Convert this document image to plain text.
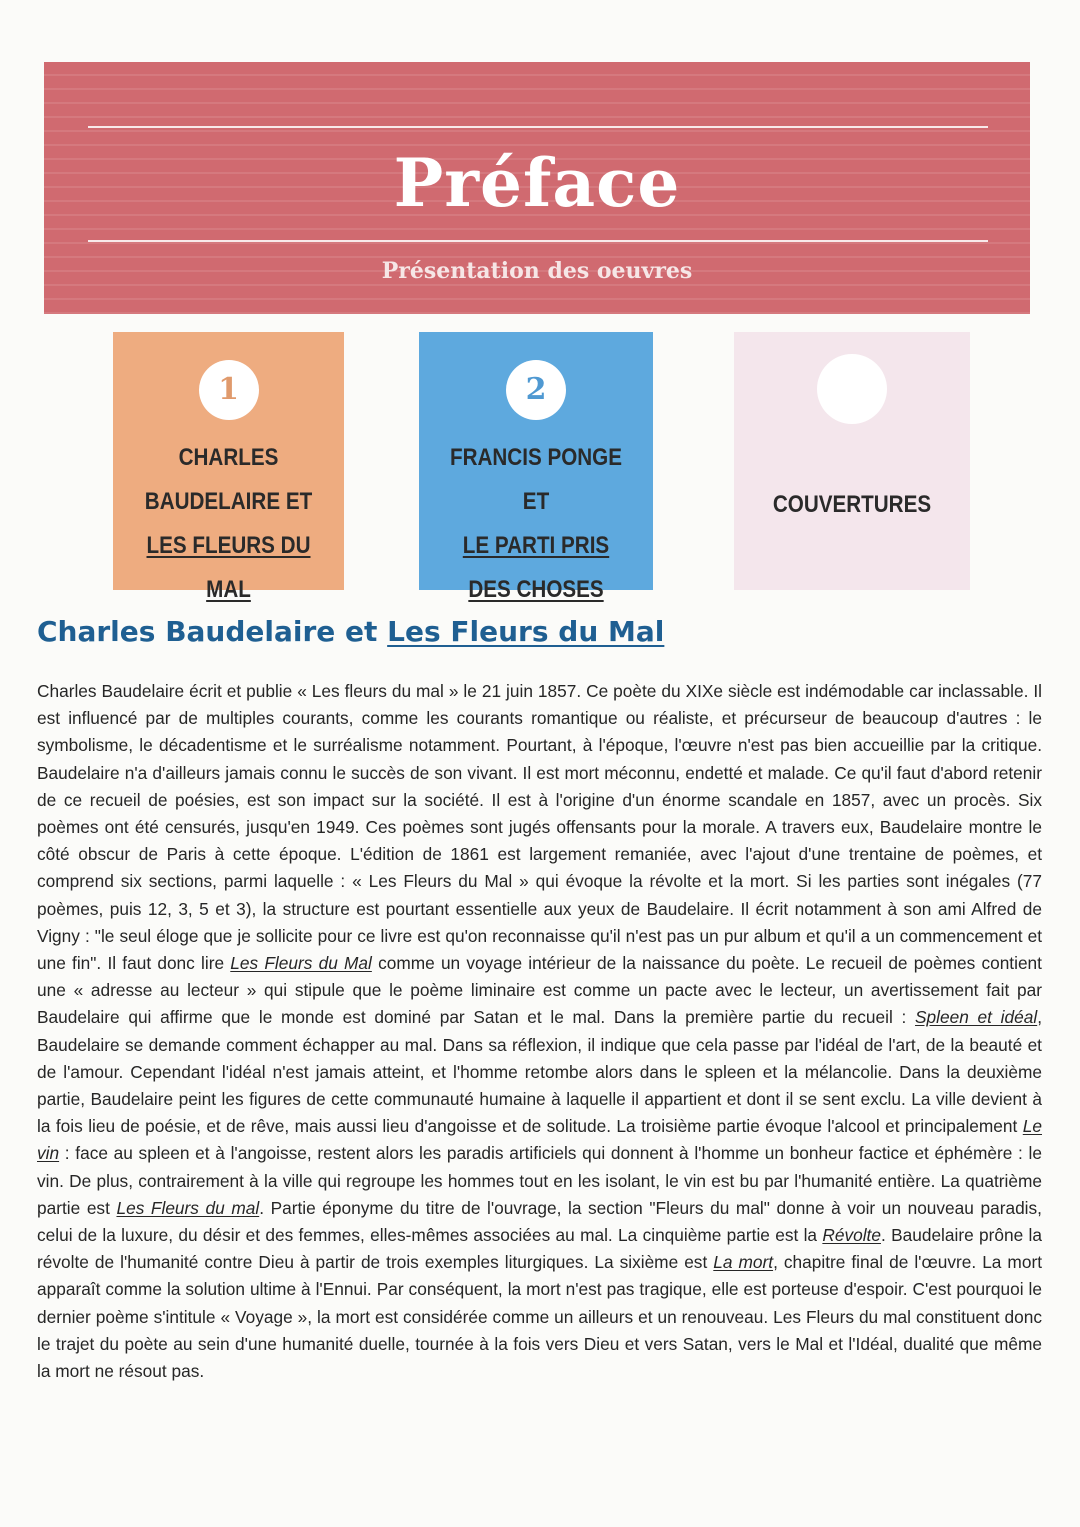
Préface
Présentation des oeuvres
1
CHARLES
BAUDELAIRE ET
LES FLEURS DU MAL
2
FRANCIS PONGE ET
LE PARTI PRIS
DES CHOSES
COUVERTURES
Charles Baudelaire et Les Fleurs du Mal

Charles Baudelaire écrit et publie « Les fleurs du mal » le 21 juin 1857. Ce poète du XIXe siècle est indémodable car inclassable. Il est influencé par de multiples courants, comme les courants romantique ou réaliste, et précurseur de beaucoup d'autres : le symbolisme, le décadentisme et le surréalisme notamment. Pourtant, à l'époque, l'œuvre n'est pas bien accueillie par la critique. Baudelaire n'a d'ailleurs jamais connu le succès de son vivant. Il est mort méconnu, endetté et malade. Ce qu'il faut d'abord retenir de ce recueil de poésies, est son impact sur la société. Il est à l'origine d'un énorme scandale en 1857, avec un procès. Six poèmes ont été censurés, jusqu'en 1949. Ces poèmes sont jugés offensants pour la morale. A travers eux, Baudelaire montre le côté obscur de Paris à cette époque. L'édition de 1861 est largement remaniée, avec l'ajout d'une trentaine de poèmes, et comprend six sections, parmi laquelle : « Les Fleurs du Mal » qui évoque la révolte et la mort. Si les parties sont inégales (77 poèmes, puis 12, 3, 5 et 3), la structure est pourtant essentielle aux yeux de Baudelaire. Il écrit notamment à son ami Alfred de Vigny : "le seul éloge que je sollicite pour ce livre est qu'on reconnaisse qu'il n'est pas un pur album et qu'il a un commencement et une fin". Il faut donc lire Les Fleurs du Mal comme un voyage intérieur de la naissance du poète. Le recueil de poèmes contient une « adresse au lecteur » qui stipule que le poème liminaire est comme un pacte avec le lecteur, un avertissement fait par Baudelaire qui affirme que le monde est dominé par Satan et le mal. Dans la première partie du recueil : Spleen et idéal, Baudelaire se demande comment échapper au mal. Dans sa réflexion, il indique que cela passe par l'idéal de l'art, de la beauté et de l'amour. Cependant l'idéal n'est jamais atteint, et l'homme retombe alors dans le spleen et la mélancolie. Dans la deuxième partie, Baudelaire peint les figures de cette communauté humaine à laquelle il appartient et dont il se sent exclu. La ville devient à la fois lieu de poésie, et de rêve, mais aussi lieu d'angoisse et de solitude. La troisième partie évoque l'alcool et principalement Le vin : face au spleen et à l'angoisse, restent alors les paradis artificiels qui donnent à l'homme un bonheur factice et éphémère : le vin. De plus, contrairement à la ville qui regroupe les hommes tout en les isolant, le vin est bu par l'humanité entière. La quatrième partie est Les Fleurs du mal. Partie éponyme du titre de l'ouvrage, la section "Fleurs du mal" donne à voir un nouveau paradis, celui de la luxure, du désir et des femmes, elles-mêmes associées au mal. La cinquième partie est la Révolte. Baudelaire prône la révolte de l'humanité contre Dieu à partir de trois exemples liturgiques. La sixième est La mort, chapitre final de l'œuvre. La mort apparaît comme la solution ultime à l'Ennui. Par conséquent, la mort n'est pas tragique, elle est porteuse d'espoir. C'est pourquoi le dernier poème s'intitule « Voyage », la mort est considérée comme un ailleurs et un renouveau. Les Fleurs du mal constituent donc le trajet du poète au sein d'une humanité duelle, tournée à la fois vers Dieu et vers Satan, vers le Mal et l'Idéal, dualité que même la mort ne résout pas.
